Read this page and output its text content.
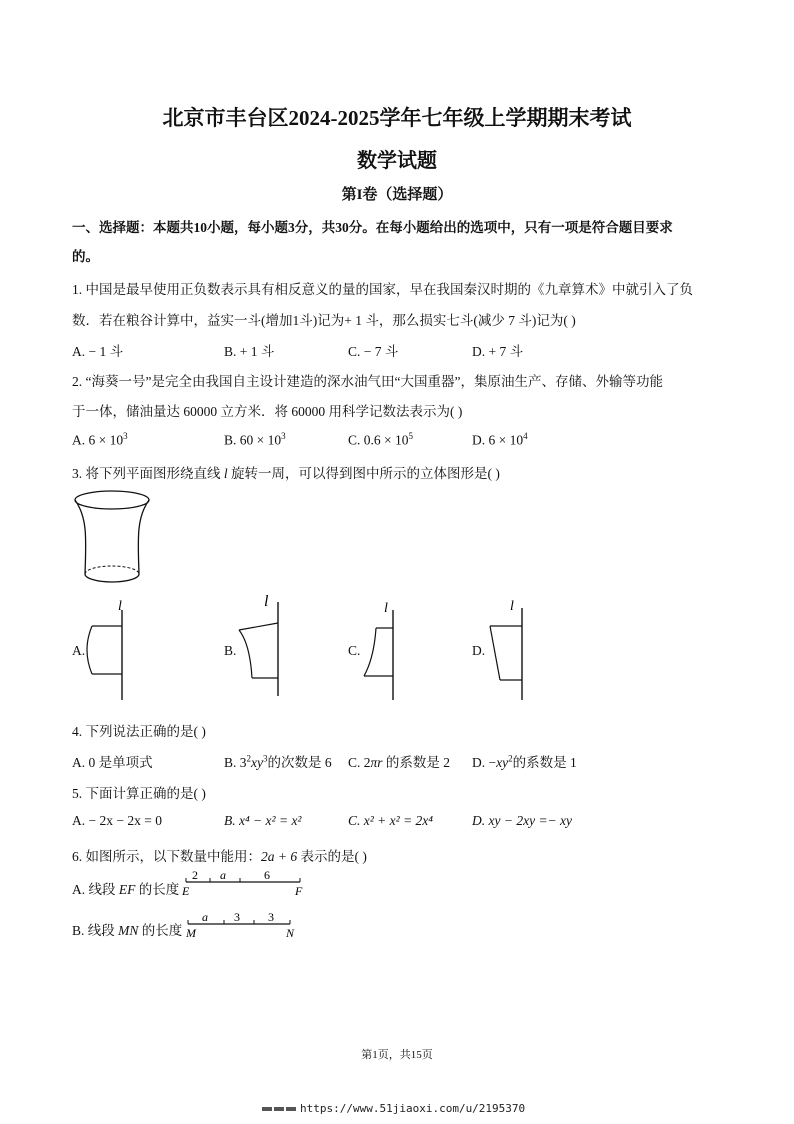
北京市丰台区2024-2025学年七年级上学期期末考试
数学试题
第I卷（选择题）
一、选择题：本题共10小题，每小题3分，共30分。在每小题给出的选项中，只有一项是符合题目要求
的。
1. 中国是最早使用正负数表示具有相反意义的量的国家，早在我国秦汉时期的《九章算术》中就引入了负
数．若在粮谷计算中，益实一斗(增加1斗)记为+ 1 斗，那么损实七斗(减少 7 斗)记为( )
A. − 1 斗	B. + 1 斗	C. − 7 斗	D. + 7 斗
2. “海葵一号”是完全由我国自主设计建造的深水油气田“大国重器”，集原油生产、存储、外输等功能
于一体，储油量达 60000 立方米．将 60000 用科学记数法表示为( )
A. $6 \times 10^3$	B. $60 \times 10^3$	C. $0.6 \times 10^5$	D. $6 \times 10^4$
3. 将下列平面图形绕直线 l 旋转一周，可以得到图中所示的立体图形是( )
A.
l
B.
l
C.
l
D.
l
4. 下列说法正确的是( )
A. 0 是单项式	B. $3^2xy^3$的次数是 6 C. 2πr 的系数是 2 D. $-xy^2$的系数是 1
5. 下面计算正确的是( )
A. − 2x − 2x = 0	B. x⁴ − x² = x²	C. x² + x² = 2x⁴	D. xy − 2xy =− xy
6. 如图所示，以下数量中能用：2a + 6 表示的是( )
A. 线段 EF 的长度
2 a	6
E	F
B. 线段 MN 的长度
a 3 3
M	N
第1页，共15页
https://www.51jiaoxi.com/u/2195370
